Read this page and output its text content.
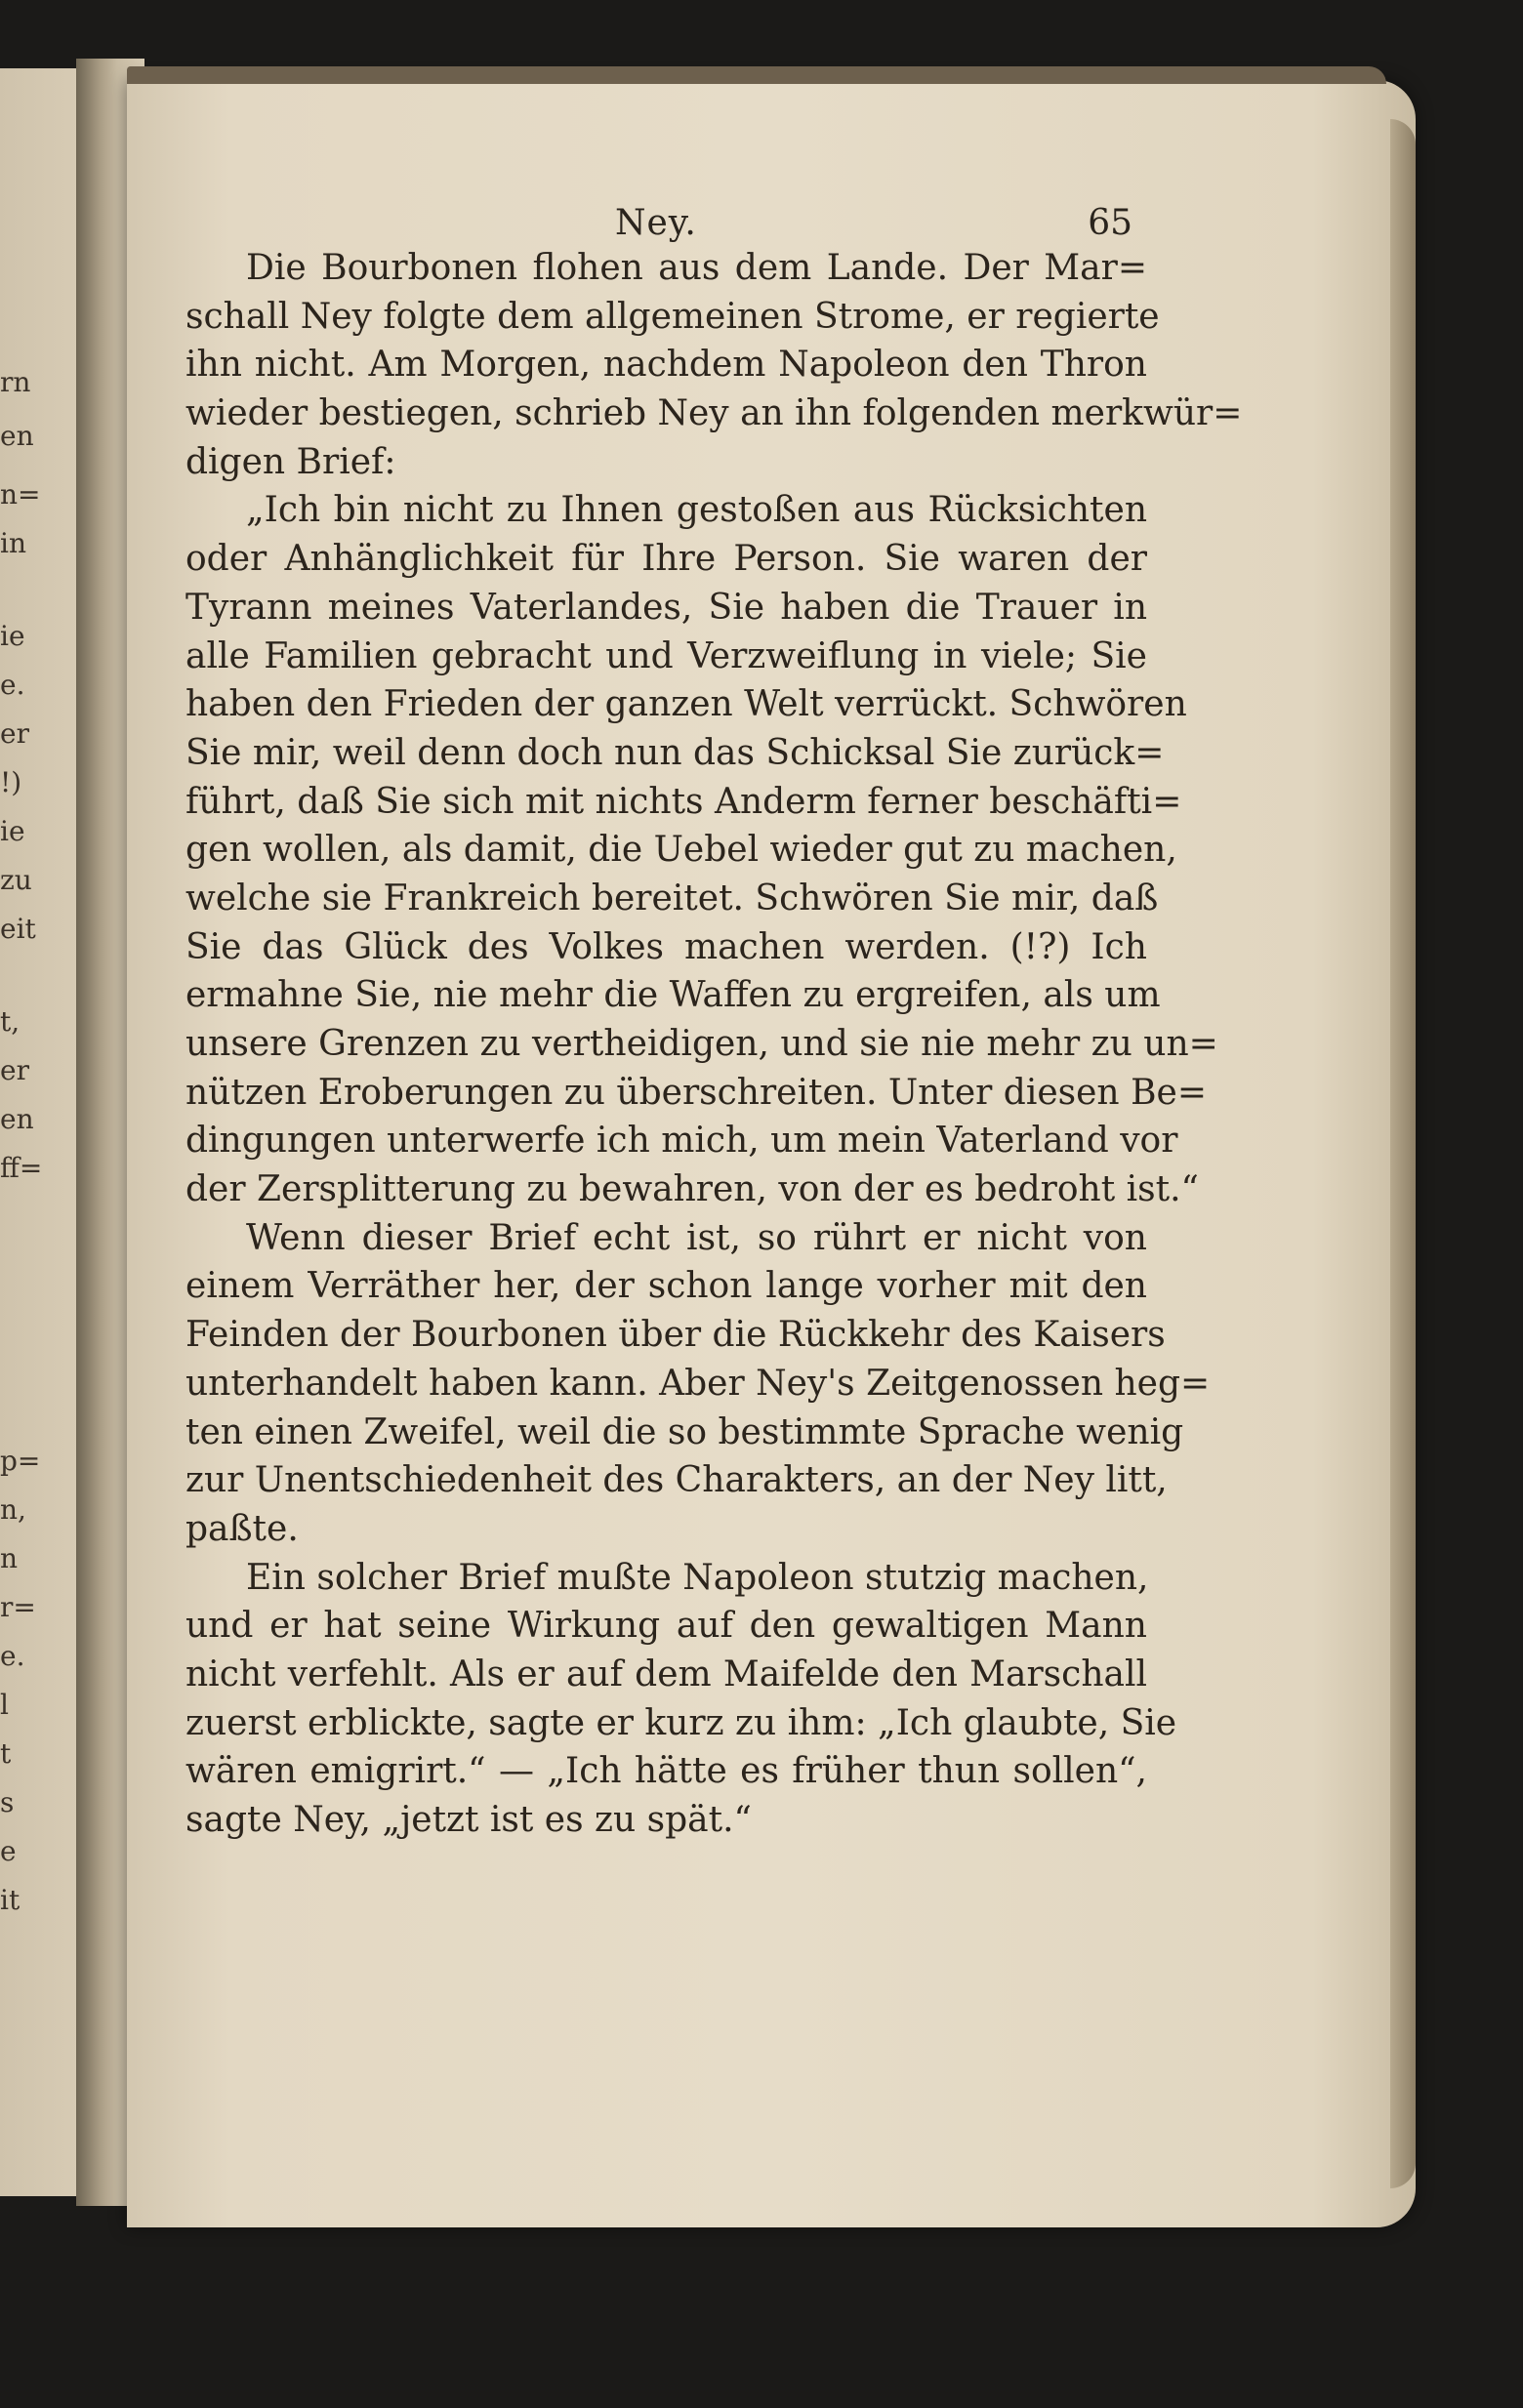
rn
en
n=
in
ie
e.
er
!)
ie
zu
eit
t,
er
en
ff=
p=
n,
n
r=
e.
l
t
s
e
it
Ney.	65
Die Bourbonen flohen aus dem Lande. Der Mar=
schall Ney folgte dem allgemeinen Strome, er regierte
ihn nicht. Am Morgen, nachdem Napoleon den Thron
wieder bestiegen, schrieb Ney an ihn folgenden merkwür=
digen Brief:
„Ich bin nicht zu Ihnen gestoßen aus Rücksichten
oder Anhänglichkeit für Ihre Person. Sie waren der
Tyrann meines Vaterlandes, Sie haben die Trauer in
alle Familien gebracht und Verzweiflung in viele; Sie
haben den Frieden der ganzen Welt verrückt. Schwören
Sie mir, weil denn doch nun das Schicksal Sie zurück=
führt, daß Sie sich mit nichts Anderm ferner beschäfti=
gen wollen, als damit, die Uebel wieder gut zu machen,
welche sie Frankreich bereitet. Schwören Sie mir, daß
Sie das Glück des Volkes machen werden. (!?) Ich
ermahne Sie, nie mehr die Waffen zu ergreifen, als um
unsere Grenzen zu vertheidigen, und sie nie mehr zu un=
nützen Eroberungen zu überschreiten. Unter diesen Be=
dingungen unterwerfe ich mich, um mein Vaterland vor
der Zersplitterung zu bewahren, von der es bedroht ist.“
Wenn dieser Brief echt ist, so rührt er nicht von
einem Verräther her, der schon lange vorher mit den
Feinden der Bourbonen über die Rückkehr des Kaisers
unterhandelt haben kann. Aber Ney's Zeitgenossen heg=
ten einen Zweifel, weil die so bestimmte Sprache wenig
zur Unentschiedenheit des Charakters, an der Ney litt,
paßte.
Ein solcher Brief mußte Napoleon stutzig machen,
und er hat seine Wirkung auf den gewaltigen Mann
nicht verfehlt. Als er auf dem Maifelde den Marschall
zuerst erblickte, sagte er kurz zu ihm: „Ich glaubte, Sie
wären emigrirt.“ — „Ich hätte es früher thun sollen“,
sagte Ney, „jetzt ist es zu spät.“
